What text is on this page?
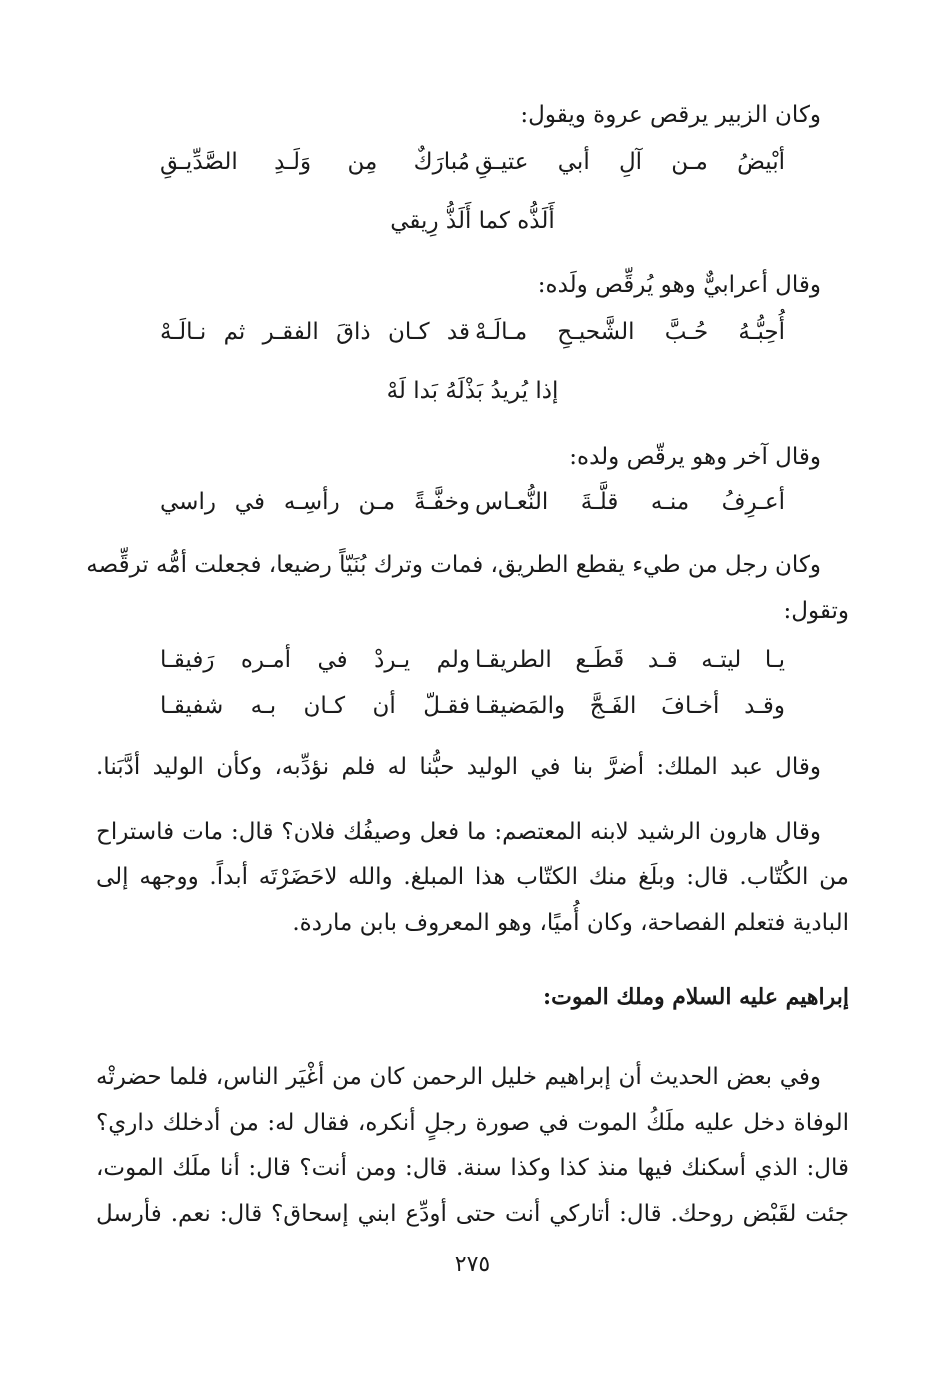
وكان الزبير يرقص عروة ويقول:
أبْيضُ مـن آلِ أبي عتيـقِ
مُبارَكٌ مِن وَلَـدِ الصَّدِّيـقِ
أَلَذُّه كما أَلَذُّ رِيقي
وقال أعرابيٌّ وهو يُرقِّص ولَده:
أُحِبُّـهُ حُـبَّ الشَّحيـحِ مـالَـهْ
قد كـان ذاقَ الفقـر ثم نـالَـهْ
إذا يُريدُ بَذْلَهُ بَدا لَهْ
وقال آخر وهو يرقّص ولده:
أعـرِفُ منـه قلَّـةَ النُّعـاس
وخفَّـةً مـن رأسِـه في راسي
وكان رجل من طيء يقطع الطريق، فمات وترك بُنَيّاً رضيعا، فجعلت أمُّه ترقِّصه
وتقول:
يـا ليتـه قـد قَطَـع الطريقـا
ولم يـردْ في أمـره رَفيقـا
وقـد أخـافَ الفَـجَّ والمَضيقـا
فقـلّ أن كـان بـه شفيقـا
وقال عبد الملك: أضرَّ بنا في الوليد حبُّنا له فلم نؤدِّبه، وكأن الوليد أدَّبَنا.
وقال هارون الرشيد لابنه المعتصم: ما فعل وصيفُك فلان؟ قال: مات فاستراح
من الكُتّاب. قال: وبلَغ منك الكتّاب هذا المبلغ. والله لاحَضَرْتَه أبداً. ووجهه إلى
البادية فتعلم الفصاحة، وكان أُميًا، وهو المعروف بابن ماردة.
إبراهيم عليه السلام وملك الموت:
وفي بعض الحديث أن إبراهيم خليل الرحمن كان من أغْيَر الناس، فلما حضرتْه
الوفاة دخل عليه ملَكُ الموت في صورة رجلٍ أنكره، فقال له: من أدخلك داري؟
قال: الذي أسكنك فيها منذ كذا وكذا سنة. قال: ومن أنت؟ قال: أنا ملَك الموت،
جئت لقَبْض روحك. قال: أتاركي أنت حتى أودِّع ابني إسحاق؟ قال: نعم. فأرسل
٢٧٥
